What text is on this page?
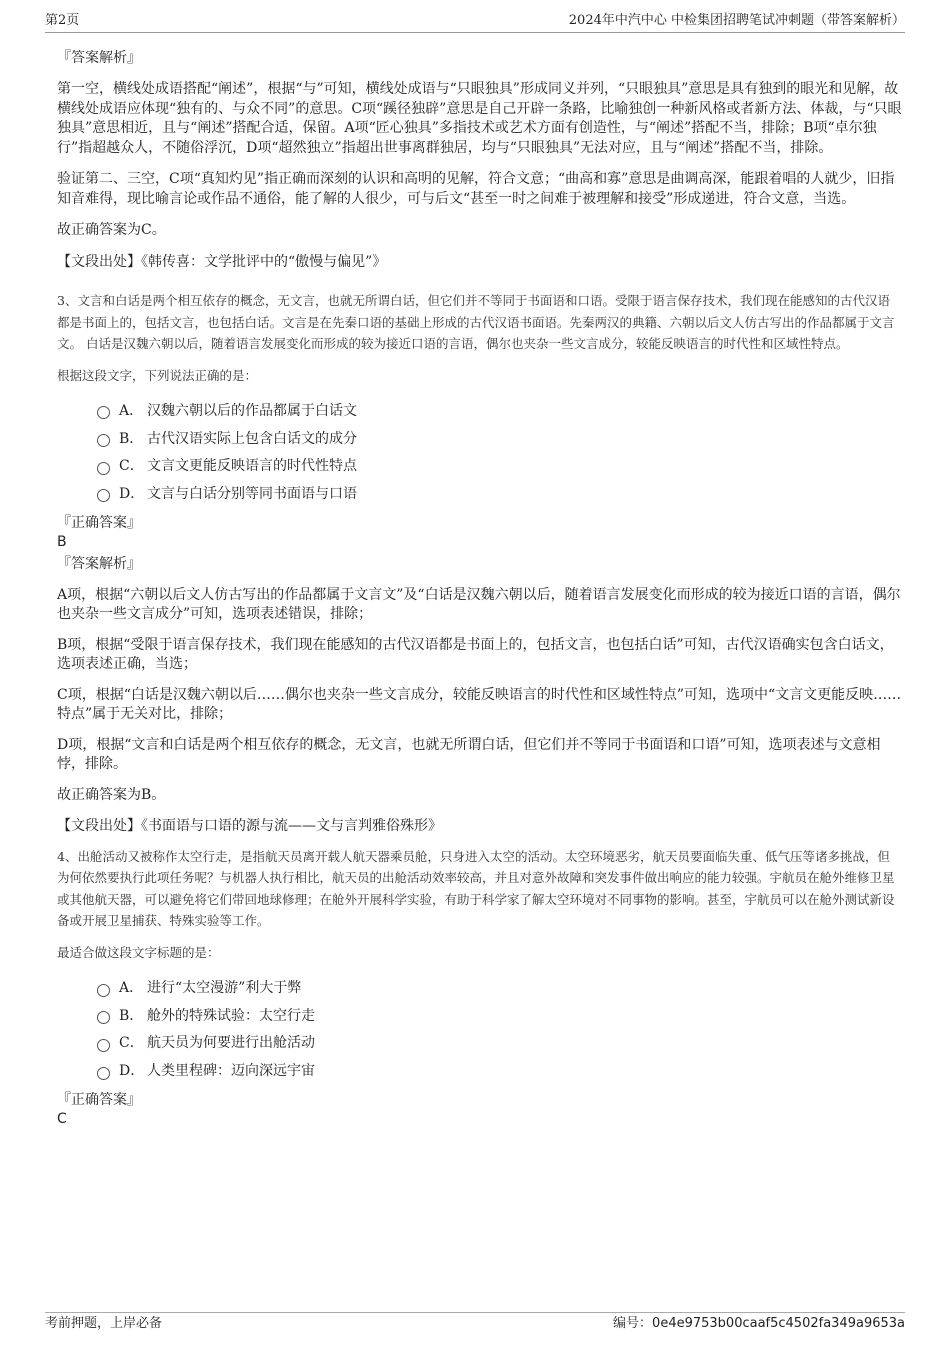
第2页	2024年中汽中心 中检集团招聘笔试冲刺题（带答案解析）

『答案解析』

第一空，横线处成语搭配“阐述”，根据“与”可知，横线处成语与“只眼独具”形成同义并列，“只眼独具”意思是具有独到的眼光和见解，故横线处成语应体现“独有的、与众不同”的意思。C项“蹊径独辟”意思是自己开辟一条路，比喻独创一种新风格或者新方法、体裁，与“只眼独具”意思相近，且与“阐述”搭配合适，保留。A项“匠心独具”多指技术或艺术方面有创造性，与“阐述”搭配不当，排除；B项“卓尔独行”指超越众人，不随俗浮沉，D项“超然独立”指超出世事离群独居，均与“只眼独具”无法对应，且与“阐述”搭配不当，排除。

验证第二、三空，C项“真知灼见”指正确而深刻的认识和高明的见解，符合文意；“曲高和寡”意思是曲调高深，能跟着唱的人就少，旧指知音难得，现比喻言论或作品不通俗，能了解的人很少，可与后文“甚至一时之间难于被理解和接受”形成递进，符合文意，当选。

故正确答案为C。

【文段出处】《韩传喜：文学批评中的“傲慢与偏见”》

3、文言和白话是两个相互依存的概念，无文言，也就无所谓白话，但它们并不等同于书面语和口语。受限于语言保存技术，我们现在能感知的古代汉语都是书面上的，包括文言，也包括白话。文言是在先秦口语的基础上形成的古代汉语书面语。先秦两汉的典籍、六朝以后文人仿古写出的作品都属于文言文。 白话是汉魏六朝以后，随着语言发展变化而形成的较为接近口语的言语，偶尔也夹杂一些文言成分，较能反映语言的时代性和区域性特点。

根据这段文字，下列说法正确的是：

A． 汉魏六朝以后的作品都属于白话文
B． 古代汉语实际上包含白话文的成分
C． 文言文更能反映语言的时代性特点
D． 文言与白话分别等同书面语与口语

『正确答案』

B

『答案解析』

A项，根据“六朝以后文人仿古写出的作品都属于文言文”及“白话是汉魏六朝以后，随着语言发展变化而形成的较为接近口语的言语，偶尔也夹杂一些文言成分”可知，选项表述错误，排除；

B项，根据“受限于语言保存技术，我们现在能感知的古代汉语都是书面上的，包括文言，也包括白话”可知，古代汉语确实包含白话文，选项表述正确，当选；

C项，根据“白话是汉魏六朝以后……偶尔也夹杂一些文言成分，较能反映语言的时代性和区域性特点”可知，选项中“文言文更能反映……特点”属于无关对比，排除；

D项，根据“文言和白话是两个相互依存的概念，无文言，也就无所谓白话，但它们并不等同于书面语和口语”可知，选项表述与文意相悖，排除。

故正确答案为B。

【文段出处】《书面语与口语的源与流——文与言判雅俗殊形》

4、出舱活动又被称作太空行走，是指航天员离开载人航天器乘员舱，只身进入太空的活动。太空环境恶劣，航天员要面临失重、低气压等诸多挑战，但为何依然要执行此项任务呢？与机器人执行相比，航天员的出舱活动效率较高，并且对意外故障和突发事件做出响应的能力较强。宇航员在舱外维修卫星或其他航天器，可以避免将它们带回地球修理；在舱外开展科学实验，有助于科学家了解太空环境对不同事物的影响。甚至，宇航员可以在舱外测试新设备或开展卫星捕获、特殊实验等工作。

最适合做这段文字标题的是：

A． 进行“太空漫游”利大于弊
B． 舱外的特殊试验：太空行走
C． 航天员为何要进行出舱活动
D． 人类里程碑：迈向深远宇宙

『正确答案』

C

考前押题，上岸必备	编号：0e4e9753b00caaf5c4502fa349a9653a
